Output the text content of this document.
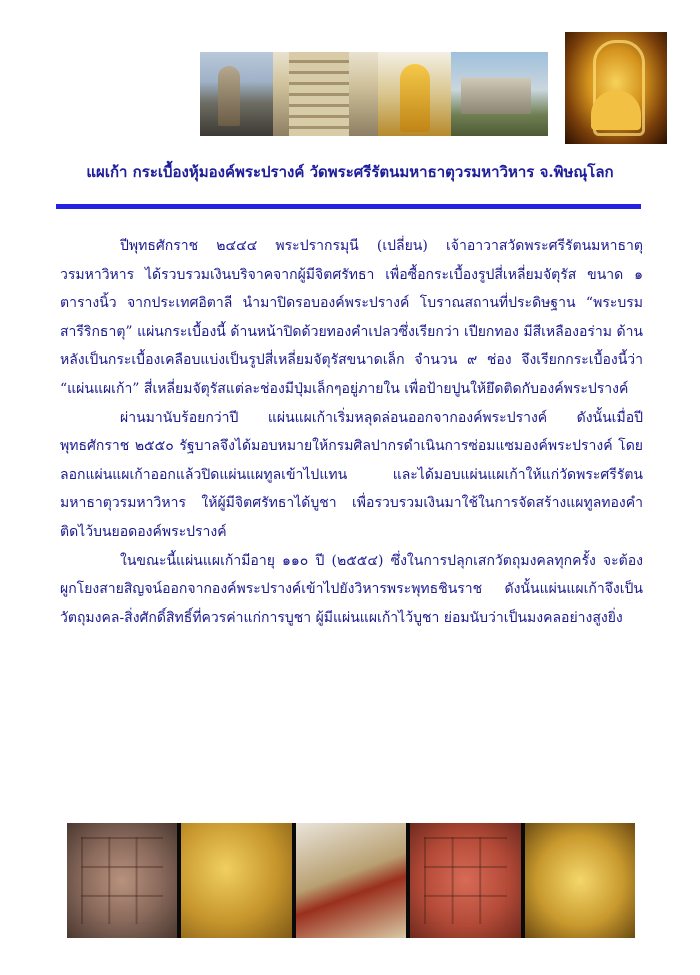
แผเก้า กระเบื้องหุ้มองค์พระปรางค์ วัดพระศรีรัตนมหาธาตุวรมหาวิหาร จ.พิษณุโลก

ปีพุทธศักราช ๒๔๔๔ พระปรากรมุนี (เปลี่ยน) เจ้าอาวาสวัดพระศรีรัตนมหาธาตุวรมหาวิหาร ได้รวบรวมเงินบริจาคจากผู้มีจิตศรัทธา เพื่อซื้อกระเบื้องรูปสี่เหลี่ยมจัตุรัส ขนาด ๑ ตารางนิ้ว จากประเทศอิตาลี นำมาปิดรอบองค์พระปรางค์ โบราณสถานที่ประดิษฐาน “พระบรมสารีริกธาตุ” แผ่นกระเบื้องนี้ ด้านหน้าปิดด้วยทองคำเปลวซึ่งเรียกว่า เปียกทอง มีสีเหลืองอร่าม ด้านหลังเป็นกระเบื้องเคลือบแบ่งเป็นรูปสี่เหลี่ยมจัตุรัสขนาดเล็ก จำนวน ๙ ช่อง จึงเรียกกระเบื้องนี้ว่า “แผ่นแผเก้า” สี่เหลี่ยมจัตุรัสแต่ละช่องมีปุ่มเล็กๆอยู่ภายใน เพื่อป้ายปูนให้ยึดติดกับองค์พระปรางค์

ผ่านมานับร้อยกว่าปี แผ่นแผเก้าเริ่มหลุดล่อนออกจากองค์พระปรางค์ ดังนั้นเมื่อปีพุทธศักราช ๒๕๕๐ รัฐบาลจึงได้มอบหมายให้กรมศิลปากรดำเนินการซ่อมแซมองค์พระปรางค์ โดยลอกแผ่นแผเก้าออกแล้วปิดแผ่นแผทูลเข้าไปแทน และได้มอบแผ่นแผเก้าให้แก่วัดพระศรีรัตนมหาธาตุวรมหาวิหาร ให้ผู้มีจิตศรัทธาได้บูชา เพื่อรวบรวมเงินมาใช้ในการจัดสร้างแผทูลทองคำ ติดไว้บนยอดองค์พระปรางค์

ในขณะนี้แผ่นแผเก้ามีอายุ ๑๑๐ ปี (๒๕๕๔) ซึ่งในการปลุกเสกวัตถุมงคลทุกครั้ง จะต้องผูกโยงสายสิญจน์ออกจากองค์พระปรางค์เข้าไปยังวิหารพระพุทธชินราช ดังนั้นแผ่นแผเก้าจึงเป็นวัตถุมงคล-สิ่งศักดิ์สิทธิ์ที่ควรค่าแก่การบูชา ผู้มีแผ่นแผเก้าไว้บูชา ย่อมนับว่าเป็นมงคลอย่างสูงยิ่ง
